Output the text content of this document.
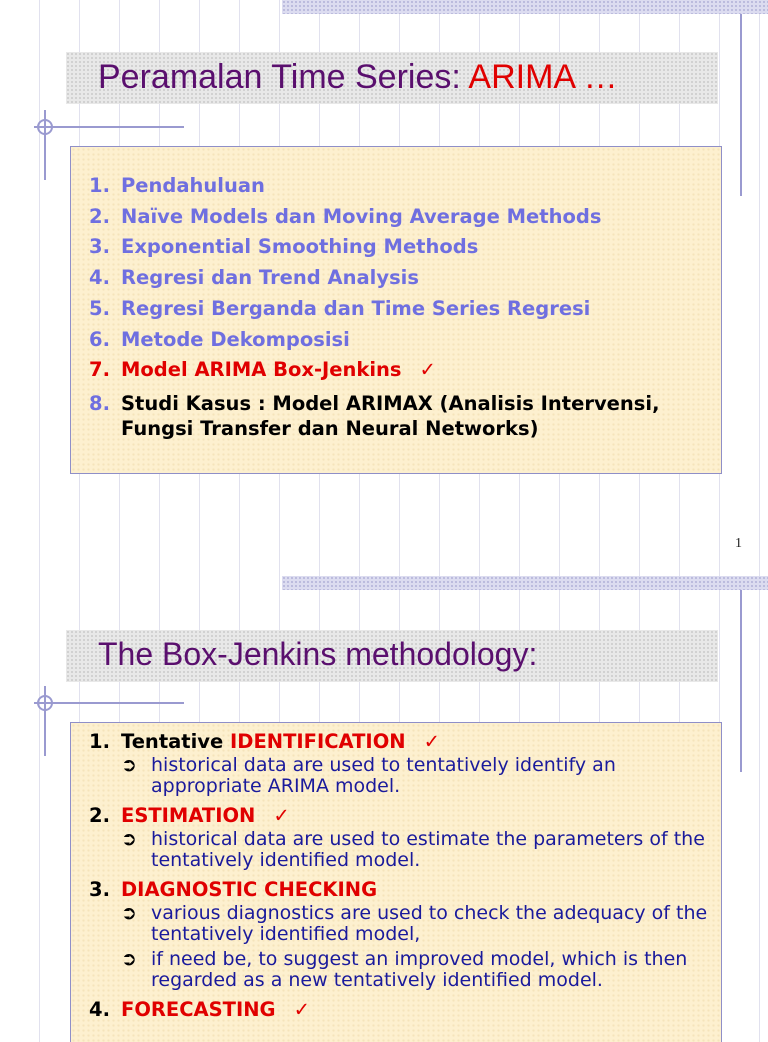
Peramalan Time Series: ARIMA …
1. Pendahuluan
2. Naïve Models dan Moving Average Methods
3. Exponential Smoothing Methods
4. Regresi dan Trend Analysis
5. Regresi Berganda dan Time Series Regresi
6. Metode Dekomposisi
7. Model ARIMA Box-Jenkins ✓
8. Studi Kasus : Model ARIMAX (Analisis Intervensi,
Fungsi Transfer dan Neural Networks)
1
The Box-Jenkins methodology:
1. Tentative IDENTIFICATION ✓
➲ historical data are used to tentatively identify an
appropriate ARIMA model.
2. ESTIMATION ✓
➲ historical data are used to estimate the parameters of the
tentatively identified model.
3. DIAGNOSTIC CHECKING
➲ various diagnostics are used to check the adequacy of the
tentatively identified model,
➲ if need be, to suggest an improved model, which is then
regarded as a new tentatively identified model.
4. FORECASTING ✓
